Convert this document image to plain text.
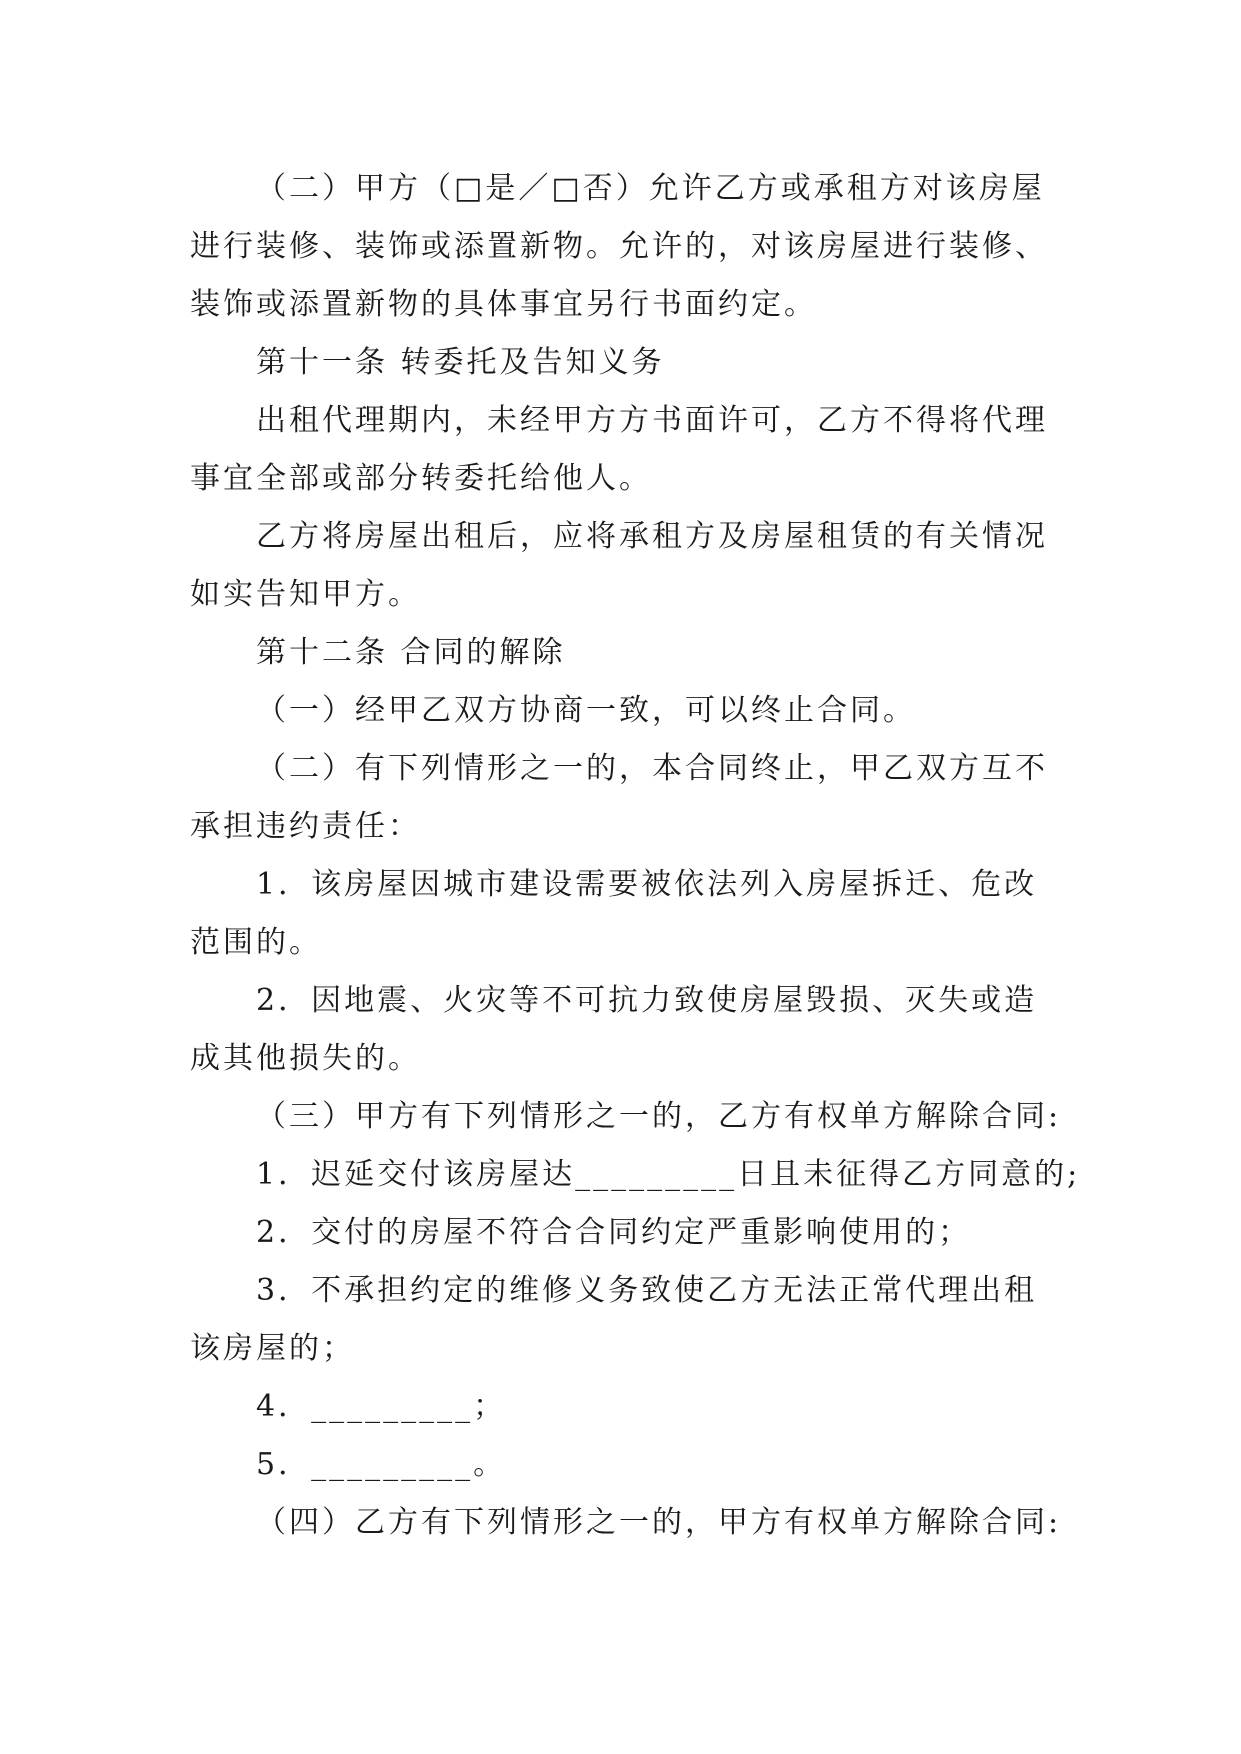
（二）甲方（□是／□否）允许乙方或承租方对该房屋

进行装修、装饰或添置新物。允许的，对该房屋进行装修、

装饰或添置新物的具体事宜另行书面约定。

第十一条 转委托及告知义务

出租代理期内，未经甲方方书面许可，乙方不得将代理

事宜全部或部分转委托给他人。

乙方将房屋出租后，应将承租方及房屋租赁的有关情况

如实告知甲方。

第十二条 合同的解除

（一）经甲乙双方协商一致，可以终止合同。

（二）有下列情形之一的，本合同终止，甲乙双方互不

承担违约责任：

1．该房屋因城市建设需要被依法列入房屋拆迁、危改

范围的。

2．因地震、火灾等不可抗力致使房屋毁损、灭失或造

成其他损失的。

（三）甲方有下列情形之一的，乙方有权单方解除合同:

1．迟延交付该房屋达_________日且未征得乙方同意的;

2．交付的房屋不符合合同约定严重影响使用的；

3．不承担约定的维修义务致使乙方无法正常代理出租

该房屋的；

4．_________；

5．_________。

（四）乙方有下列情形之一的，甲方有权单方解除合同:
